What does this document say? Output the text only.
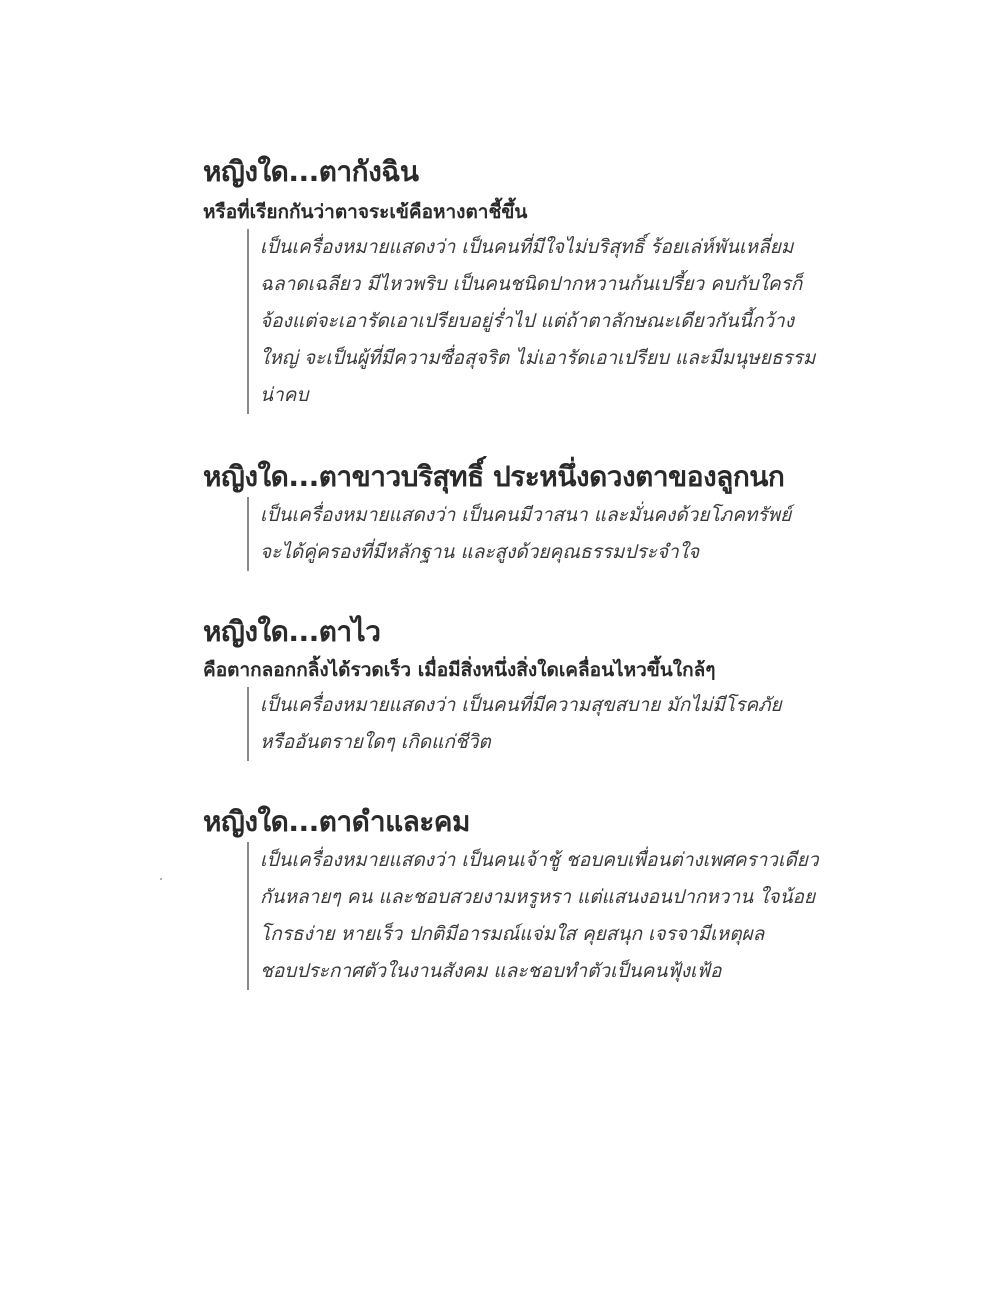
หญิงใด...ตากังฉิน
หรือที่เรียกกันว่าตาจระเข้คือหางตาชี้ขึ้น
เป็นเครื่องหมายแสดงว่า เป็นคนที่มีใจไม่บริสุทธิ์ ร้อยเล่ห์พันเหลี่ยม
ฉลาดเฉลียว มีไหวพริบ เป็นคนชนิดปากหวานก้นเปรี้ยว คบกับใครก็
จ้องแต่จะเอารัดเอาเปรียบอยู่ร่ำไป แต่ถ้าตาลักษณะเดียวกันนี้กว้าง
ใหญ่ จะเป็นผู้ที่มีความซื่อสุจริต ไม่เอารัดเอาเปรียบ และมีมนุษยธรรม
น่าคบ
หญิงใด...ตาขาวบริสุทธิ์ ประหนึ่งดวงตาของลูกนก
เป็นเครื่องหมายแสดงว่า เป็นคนมีวาสนา และมั่นคงด้วยโภคทรัพย์
จะได้คู่ครองที่มีหลักฐาน และสูงด้วยคุณธรรมประจำใจ
หญิงใด...ตาไว
คือตากลอกกลิ้งได้รวดเร็ว เมื่อมีสิ่งหนึ่งสิ่งใดเคลื่อนไหวขึ้นใกล้ๆ
เป็นเครื่องหมายแสดงว่า เป็นคนที่มีความสุขสบาย มักไม่มีโรคภัย
หรืออันตรายใดๆ เกิดแก่ชีวิต
หญิงใด...ตาดำและคม
เป็นเครื่องหมายแสดงว่า เป็นคนเจ้าชู้ ชอบคบเพื่อนต่างเพศคราวเดียว
กันหลายๆ คน และชอบสวยงามหรูหรา แต่แสนงอนปากหวาน ใจน้อย
โกรธง่าย หายเร็ว ปกติมีอารมณ์แจ่มใส คุยสนุก เจรจามีเหตุผล
ชอบประกาศตัวในงานสังคม และชอบทำตัวเป็นคนฟุ้งเฟ้อ
